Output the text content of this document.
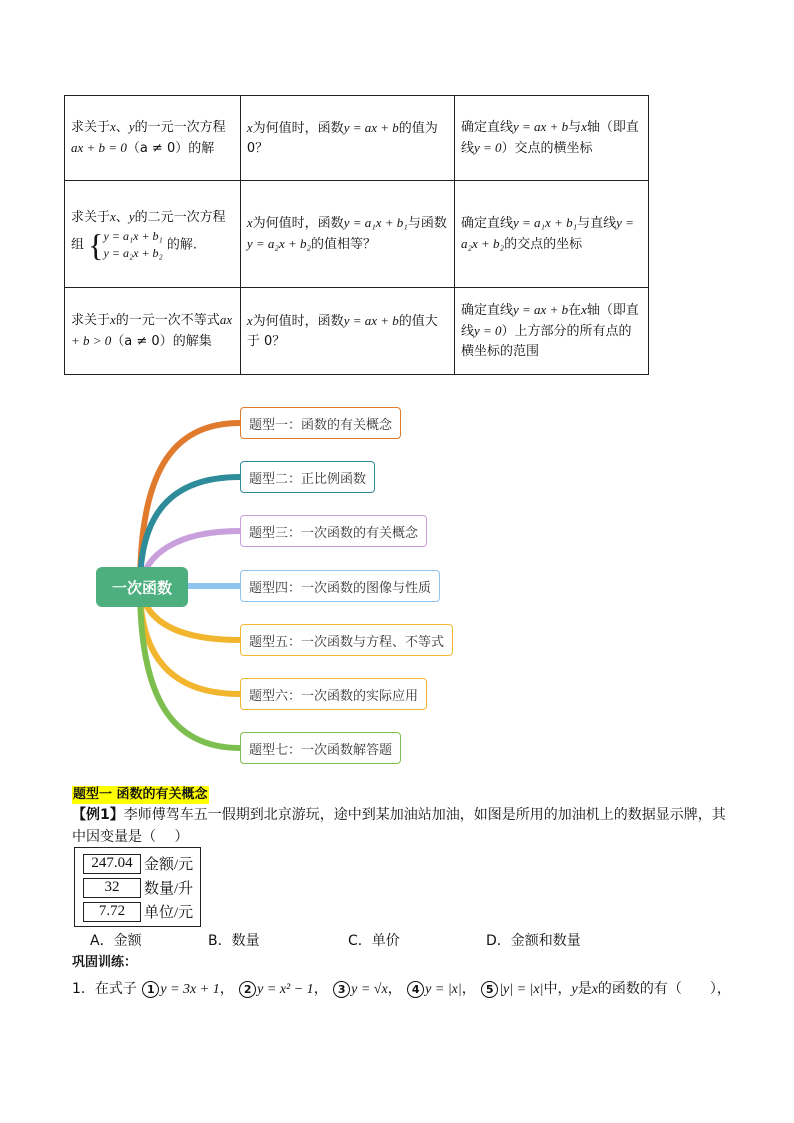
求关于x、y的一元一次方程ax + b = 0（a ≠ 0）的解	x为何值时，函数y = ax + b的值为 0？	确定直线y = ax + b与x轴（即直线y = 0）交点的横坐标
求关于x、y的二元一次方程组 { y = a₁x + b₁
y = a₂x + b₂
的解.	x为何值时，函数y = a₁x + b₁与函数y = a₂x + b₂的值相等？	确定直线y = a₁x + b₁与直线y = a₂x + b₂的交点的坐标
求关于x的一元一次不等式ax + b > 0（a ≠ 0）的解集	x为何值时，函数y = ax + b的值大于 0？	确定直线y = ax + b在x轴（即直线y = 0）上方部分的所有点的横坐标的范围
一次函数
题型一：函数的有关概念
题型二：正比例函数
题型三：一次函数的有关概念
题型四：一次函数的图像与性质
题型五：一次函数与方程、不等式
题型六：一次函数的实际应用
题型七：一次函数解答题
题型一 函数的有关概念
【例1】李师傅驾车五一假期到北京游玩，途中到某加油站加油，如图是所用的加油机上的数据显示牌，其中因变量是（　 ）
247.04 金额/元
32	数量/升
7.72	单位/元
A．金额	B．数量	C．单价	D．金额和数量
巩固训练：
1．在式子 1 y = 3x + 1， 2 y = x² − 1， 3 y = √x， 4 y = |x|， 5 |y| = |x|中，y是x的函数的有（　　），
